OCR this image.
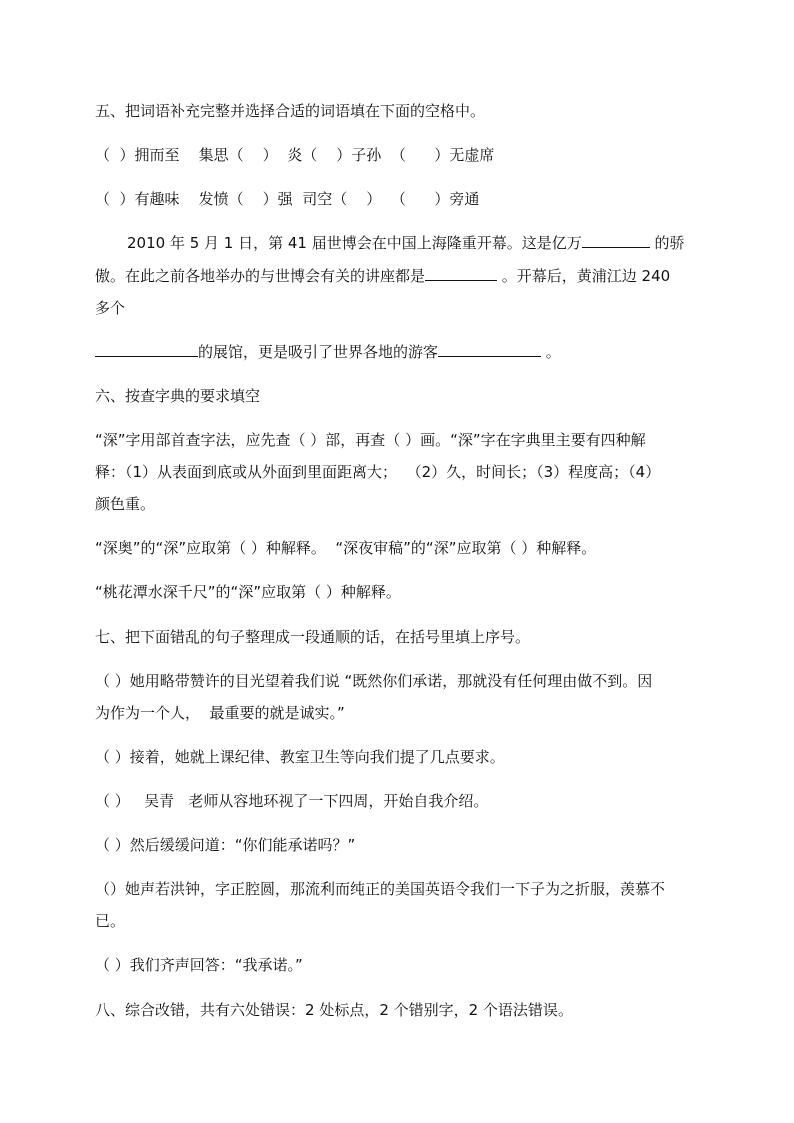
五、把词语补充完整并选择合适的词语填在下面的空格中。
（  ）拥而至    集思（    ）  炎（    ）子孙  （      ）无虚席
（  ）有趣味    发愤（    ）强  司空（    ）  （      ）旁通
2010 年 5 月 1 日，第 41 届世博会在中国上海隆重开幕。这是亿万	的骄
傲。在此之前各地举办的与世博会有关的讲座都是	。开幕后，黄浦江边 240
多个
的展馆，更是吸引了世界各地的游客	。
六、按查字典的要求填空
“深”字用部首查字法，应先查（ ）部，再查（ ）画。“深”字在字典里主要有四种解
释：（1）从表面到底或从外面到里面距离大；  （2）久，时间长；（3）程度高；（4）
颜色重。
“深奥”的“深”应取第（ ）种解释。  “深夜审稿”的“深”应取第（ ）种解释。
“桃花潭水深千尺”的“深”应取第（ ）种解释。
七、把下面错乱的句子整理成一段通顺的话，在括号里填上序号。
（ ）她用略带赞许的目光望着我们说 “既然你们承诺，那就没有任何理由做不到。因
为作为一个人，  最重要的就是诚实。”
（ ）接着，她就上课纪律、教室卫生等向我们提了几点要求。
（ ）   吴青   老师从容地环视了一下四周，开始自我介绍。
（ ）然后缓缓问道：“你们能承诺吗？”
（）她声若洪钟，字正腔圆，那流利而纯正的美国英语令我们一下子为之折服，羡慕不
已。
（ ）我们齐声回答：“我承诺。”
八、综合改错，共有六处错误：2 处标点，2 个错别字，2 个语法错误。
